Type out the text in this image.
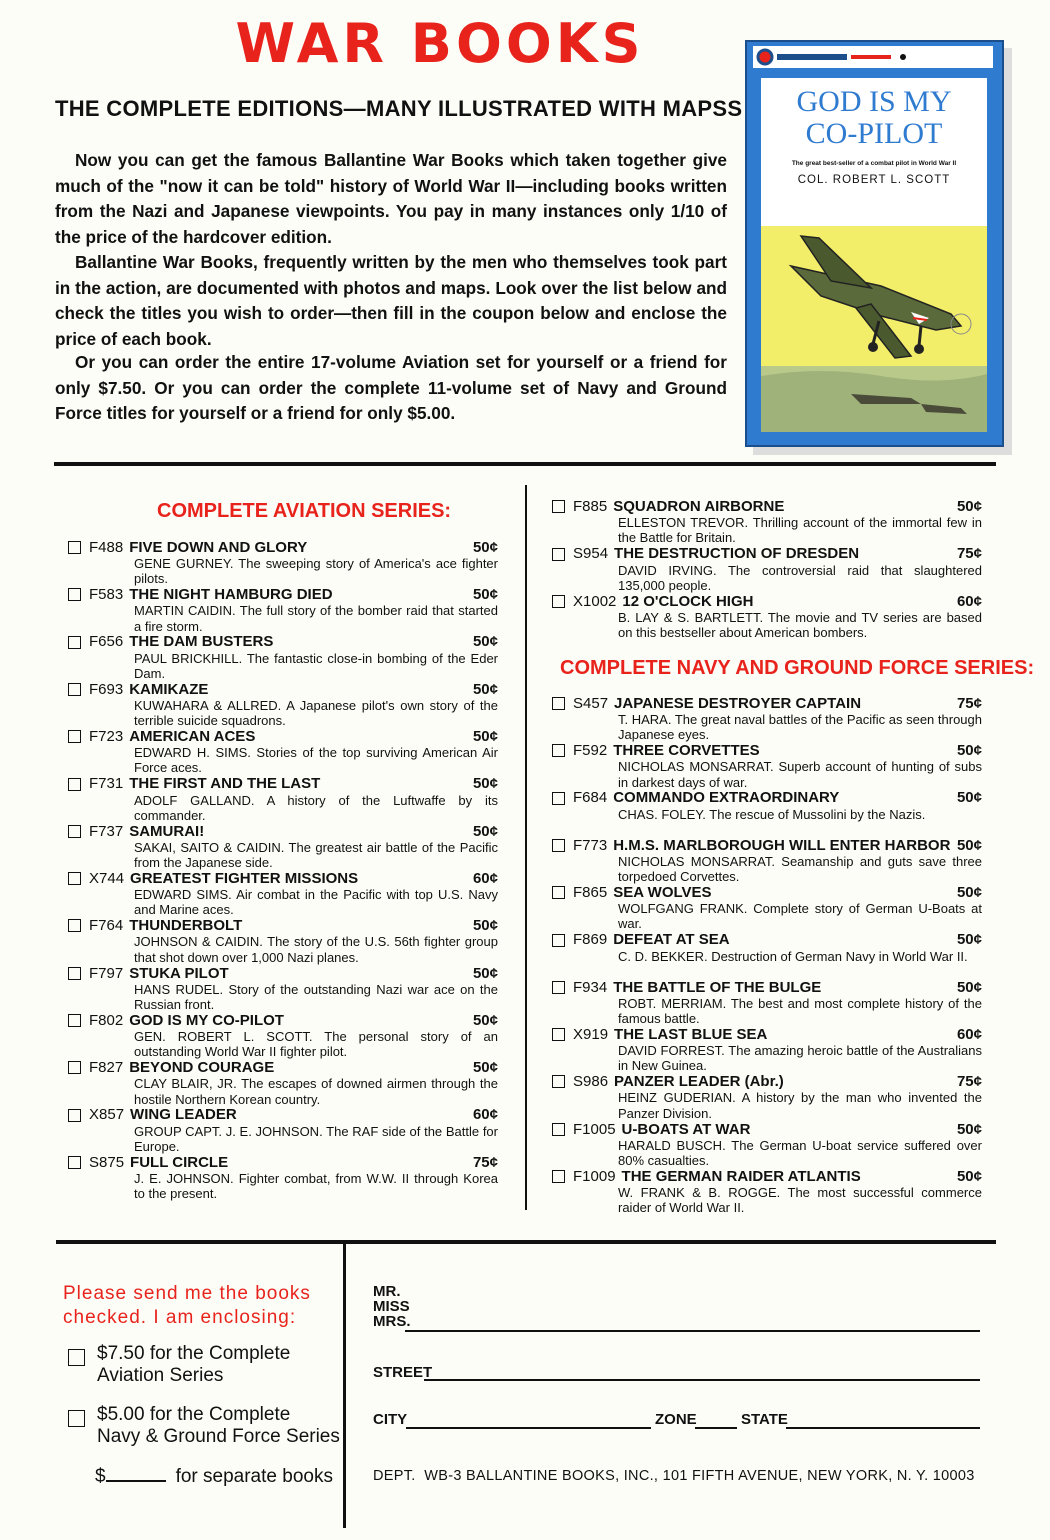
WAR BOOKS
THE COMPLETE EDITIONS—MANY ILLUSTRATED WITH MAPSS
Now you can get the famous Ballantine War Books which taken together give much of the "now it can be told" history of World War II—including books written from the Nazi and Japanese viewpoints. You pay in many instances only 1/10 of the price of the hardcover edition.
Ballantine War Books, frequently written by the men who themselves took part in the action, are documented with photos and maps. Look over the list below and check the titles you wish to order—then fill in the coupon below and enclose the price of each book.
Or you can order the entire 17-volume Aviation set for yourself or a friend for only $7.50. Or you can order the complete 11-volume set of Navy and Ground Force titles for yourself or a friend for only $5.00.
GOD IS MY
CO-PILOT
The great best-seller of a combat pilot in World War II
COL. ROBERT L. SCOTT
COMPLETE AVIATION SERIES:
F488 FIVE DOWN AND GLORY	50¢
GENE GURNEY. The sweeping story of America's ace fighter pilots.
F583 THE NIGHT HAMBURG DIED	50¢
MARTIN CAIDIN. The full story of the bomber raid that started a fire storm.
F656 THE DAM BUSTERS	50¢
PAUL BRICKHILL. The fantastic close-in bombing of the Eder Dam.
F693 KAMIKAZE	50¢
KUWAHARA & ALLRED. A Japanese pilot's own story of the terrible suicide squadrons.
F723 AMERICAN ACES	50¢
EDWARD H. SIMS. Stories of the top surviving American Air Force aces.
F731 THE FIRST AND THE LAST	50¢
ADOLF GALLAND. A history of the Luftwaffe by its commander.
F737 SAMURAI!	50¢
SAKAI, SAITO & CAIDIN. The greatest air battle of the Pacific from the Japanese side.
X744 GREATEST FIGHTER MISSIONS	60¢
EDWARD SIMS. Air combat in the Pacific with top U.S. Navy and Marine aces.
F764 THUNDERBOLT	50¢
JOHNSON & CAIDIN. The story of the U.S. 56th fighter group that shot down over 1,000 Nazi planes.
F797 STUKA PILOT	50¢
HANS RUDEL. Story of the outstanding Nazi war ace on the Russian front.
F802 GOD IS MY CO-PILOT	50¢
GEN. ROBERT L. SCOTT. The personal story of an outstanding World War II fighter pilot.
F827 BEYOND COURAGE	50¢
CLAY BLAIR, JR. The escapes of downed airmen through the hostile Northern Korean country.
X857 WING LEADER	60¢
GROUP CAPT. J. E. JOHNSON. The RAF side of the Battle for Europe.
S875 FULL CIRCLE	75¢
J. E. JOHNSON. Fighter combat, from W.W. II through Korea to the present.
F885 SQUADRON AIRBORNE	50¢
ELLESTON TREVOR. Thrilling account of the immortal few in the Battle for Britain.
S954 THE DESTRUCTION OF DRESDEN	75¢
DAVID IRVING. The controversial raid that slaughtered 135,000 people.
X1002 12 O'CLOCK HIGH	60¢
B. LAY & S. BARTLETT. The movie and TV series are based on this bestseller about American bombers.
COMPLETE NAVY AND GROUND FORCE SERIES:
S457 JAPANESE DESTROYER CAPTAIN	75¢
T. HARA. The great naval battles of the Pacific as seen through Japanese eyes.
F592 THREE CORVETTES	50¢
NICHOLAS MONSARRAT. Superb account of hunting of subs in darkest days of war.
F684 COMMANDO EXTRAORDINARY	50¢
CHAS. FOLEY. The rescue of Mussolini by the Nazis.
F773 H.M.S. MARLBOROUGH WILL ENTER HARBOR 50¢
NICHOLAS MONSARRAT. Seamanship and guts save three torpedoed Corvettes.
F865 SEA WOLVES	50¢
WOLFGANG FRANK. Complete story of German U-Boats at war.
F869 DEFEAT AT SEA	50¢
C. D. BEKKER. Destruction of German Navy in World War II.
F934 THE BATTLE OF THE BULGE	50¢
ROBT. MERRIAM. The best and most complete history of the famous battle.
X919 THE LAST BLUE SEA	60¢
DAVID FORREST. The amazing heroic battle of the Australians in New Guinea.
S986 PANZER LEADER (Abr.)	75¢
HEINZ GUDERIAN. A history by the man who invented the Panzer Division.
F1005 U-BOATS AT WAR	50¢
HARALD BUSCH. The German U-boat service suffered over 80% casualties.
F1009 THE GERMAN RAIDER ATLANTIS	50¢
W. FRANK & B. ROGGE. The most successful commerce raider of World War II.
Please send me the books
checked. I am enclosing:
$7.50 for the Complete
Aviation Series
$5.00 for the Complete
Navy & Ground Force Series
$	for separate books
MR.
MISS
MRS.
STREET
CITY	ZONE	STATE
DEPT.  WB-3 BALLANTINE BOOKS, INC., 101 FIFTH AVENUE, NEW YORK, N. Y. 10003
